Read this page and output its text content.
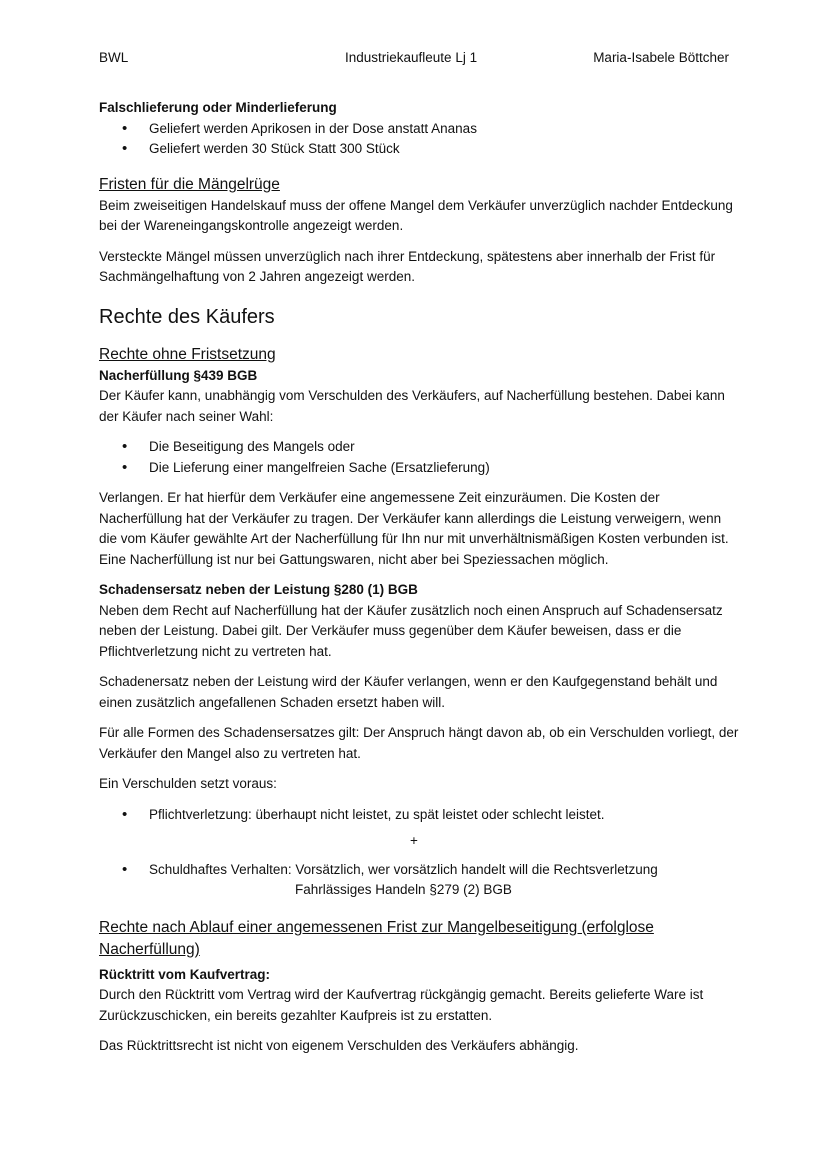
BWL	Industriekaufleute Lj 1	Maria-Isabele Böttcher

Falschlieferung oder Minderlieferung

• Geliefert werden Aprikosen in der Dose anstatt Ananas
• Geliefert werden 30 Stück Statt 300 Stück

Fristen für die Mängelrüge

Beim zweiseitigen Handelskauf muss der offene Mangel dem Verkäufer unverzüglich nachder Entdeckung bei der Wareneingangskontrolle angezeigt werden.

Versteckte Mängel müssen unverzüglich nach ihrer Entdeckung, spätestens aber innerhalb der Frist für Sachmängelhaftung von 2 Jahren angezeigt werden.

Rechte des Käufers

Rechte ohne Fristsetzung

Nacherfüllung §439 BGB

Der Käufer kann, unabhängig vom Verschulden des Verkäufers, auf Nacherfüllung bestehen. Dabei kann der Käufer nach seiner Wahl:

• Die Beseitigung des Mangels oder
• Die Lieferung einer mangelfreien Sache (Ersatzlieferung)

Verlangen. Er hat hierfür dem Verkäufer eine angemessene Zeit einzuräumen. Die Kosten der Nacherfüllung hat der Verkäufer zu tragen. Der Verkäufer kann allerdings die Leistung verweigern, wenn die vom Käufer gewählte Art der Nacherfüllung für Ihn nur mit unverhältnismäßigen Kosten verbunden ist. Eine Nacherfüllung ist nur bei Gattungswaren, nicht aber bei Speziessachen möglich.

Schadensersatz neben der Leistung §280 (1) BGB

Neben dem Recht auf Nacherfüllung hat der Käufer zusätzlich noch einen Anspruch auf Schadensersatz neben der Leistung. Dabei gilt. Der Verkäufer muss gegenüber dem Käufer beweisen, dass er die Pflichtverletzung nicht zu vertreten hat.

Schadenersatz neben der Leistung wird der Käufer verlangen, wenn er den Kaufgegenstand behält und einen zusätzlich angefallenen Schaden ersetzt haben will.

Für alle Formen des Schadensersatzes gilt: Der Anspruch hängt davon ab, ob ein Verschulden vorliegt, der Verkäufer den Mangel also zu vertreten hat.

Ein Verschulden setzt voraus:

• Pflichtverletzung: überhaupt nicht leistet, zu spät leistet oder schlecht leistet.

+

• Schuldhaftes Verhalten: Vorsätzlich, wer vorsätzlich handelt will die Rechtsverletzung

Fahrlässiges Handeln §279 (2) BGB

Rechte nach Ablauf einer angemessenen Frist zur Mangelbeseitigung (erfolglose Nacherfüllung)

Rücktritt vom Kaufvertrag:

Durch den Rücktritt vom Vertrag wird der Kaufvertrag rückgängig gemacht. Bereits gelieferte Ware ist Zurückzuschicken, ein bereits gezahlter Kaufpreis ist zu erstatten.

Das Rücktrittsrecht ist nicht von eigenem Verschulden des Verkäufers abhängig.
